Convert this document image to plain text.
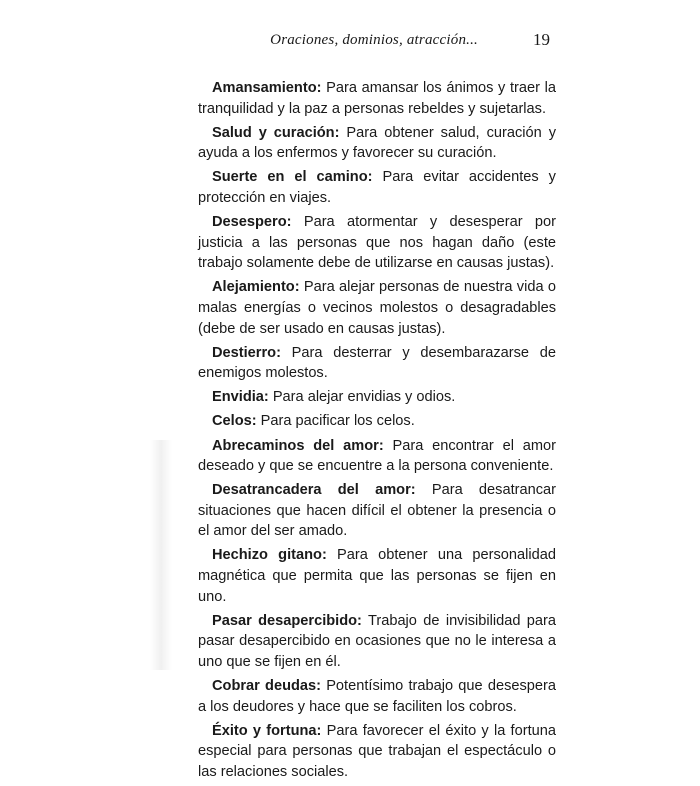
Oraciones, dominios, atracción...	19

Amansamiento: Para amansar los ánimos y traer la tranquilidad y la paz a personas rebeldes y sujetarlas.

Salud y curación: Para obtener salud, curación y ayuda a los enfermos y favorecer su curación.

Suerte en el camino: Para evitar accidentes y protección en viajes.

Desespero: Para atormentar y desesperar por justicia a las personas que nos hagan daño (este trabajo solamente debe de utilizarse en causas justas).

Alejamiento: Para alejar personas de nuestra vida o malas energías o vecinos molestos o desagradables (debe de ser usado en causas justas).

Destierro: Para desterrar y desembarazarse de enemigos molestos.

Envidia: Para alejar envidias y odios.

Celos: Para pacificar los celos.

Abrecaminos del amor: Para encontrar el amor deseado y que se encuentre a la persona conveniente.

Desatrancadera del amor: Para desatrancar situaciones que hacen difícil el obtener la presencia o el amor del ser amado.

Hechizo gitano: Para obtener una personalidad magnética que permita que las personas se fijen en uno.

Pasar desapercibido: Trabajo de invisibilidad para pasar desapercibido en ocasiones que no le interesa a uno que se fijen en él.

Cobrar deudas: Potentísimo trabajo que desespera a los deudores y hace que se faciliten los cobros.

Éxito y fortuna: Para favorecer el éxito y la fortuna especial para personas que trabajan el espectáculo o las relaciones sociales.
